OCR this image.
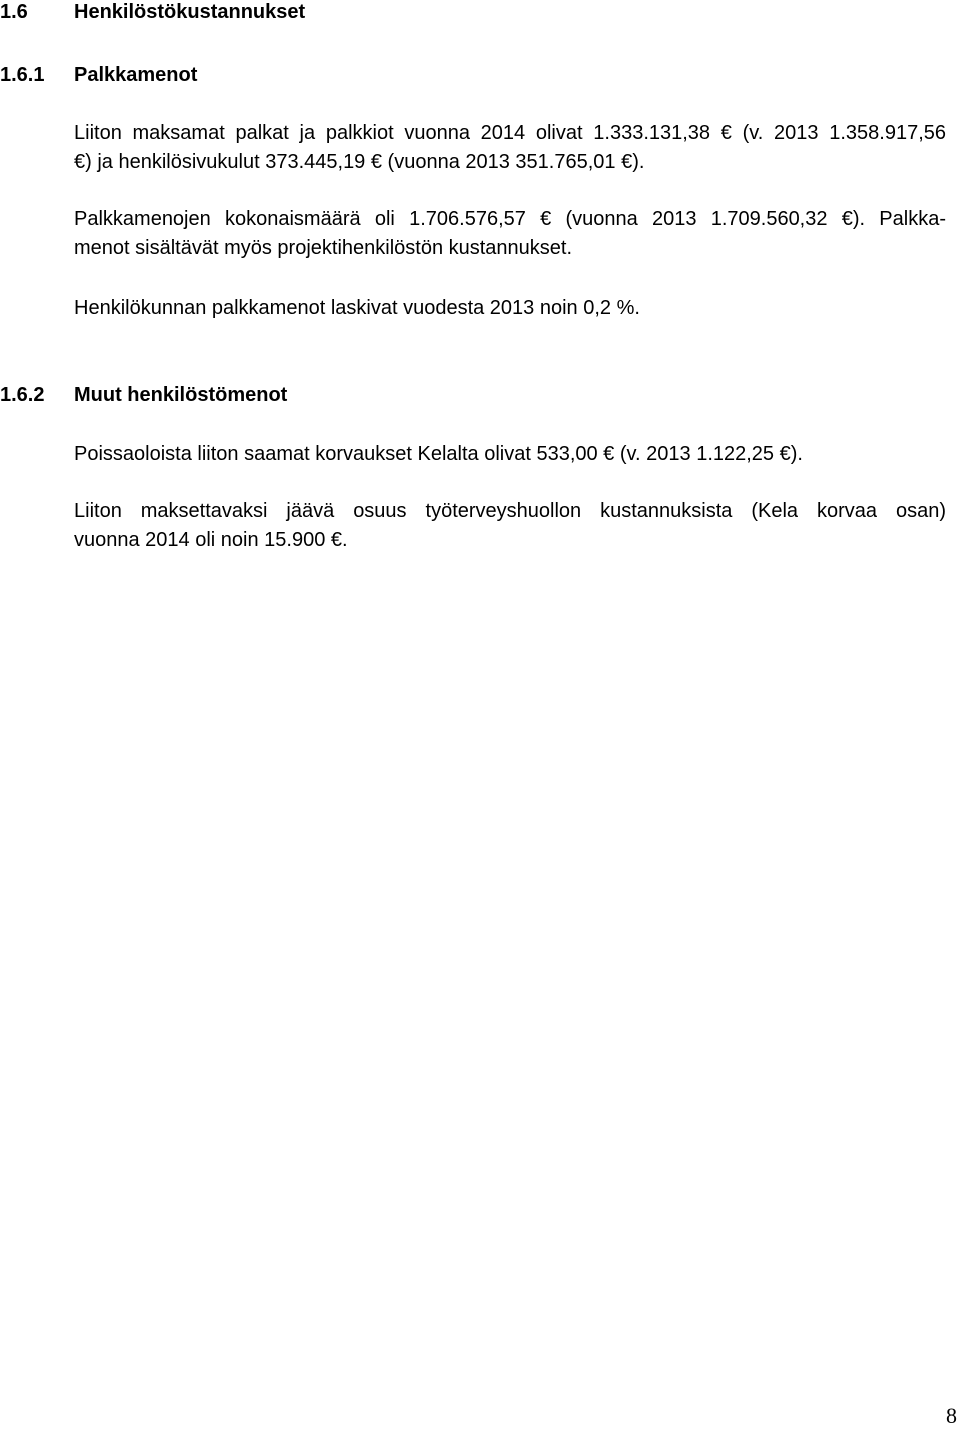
1.6 Henkilöstökustannukset
1.6.1 Palkkamenot
Liiton maksamat palkat ja palkkiot vuonna 2014 olivat 1.333.131,38 € (v. 2013 1.358.917,56
€) ja henkilösivukulut 373.445,19 € (vuonna 2013 351.765,01 €).
Palkkamenojen kokonaismäärä oli 1.706.576,57 € (vuonna 2013 1.709.560,32 €). Palkka-
menot sisältävät myös projektihenkilöstön kustannukset.
Henkilökunnan palkkamenot laskivat vuodesta 2013 noin 0,2 %.
1.6.2 Muut henkilöstömenot
Poissaoloista liiton saamat korvaukset Kelalta olivat 533,00 € (v. 2013 1.122,25 €).
Liiton maksettavaksi jäävä osuus työterveyshuollon kustannuksista (Kela korvaa osan)
vuonna 2014 oli noin 15.900 €.
8
